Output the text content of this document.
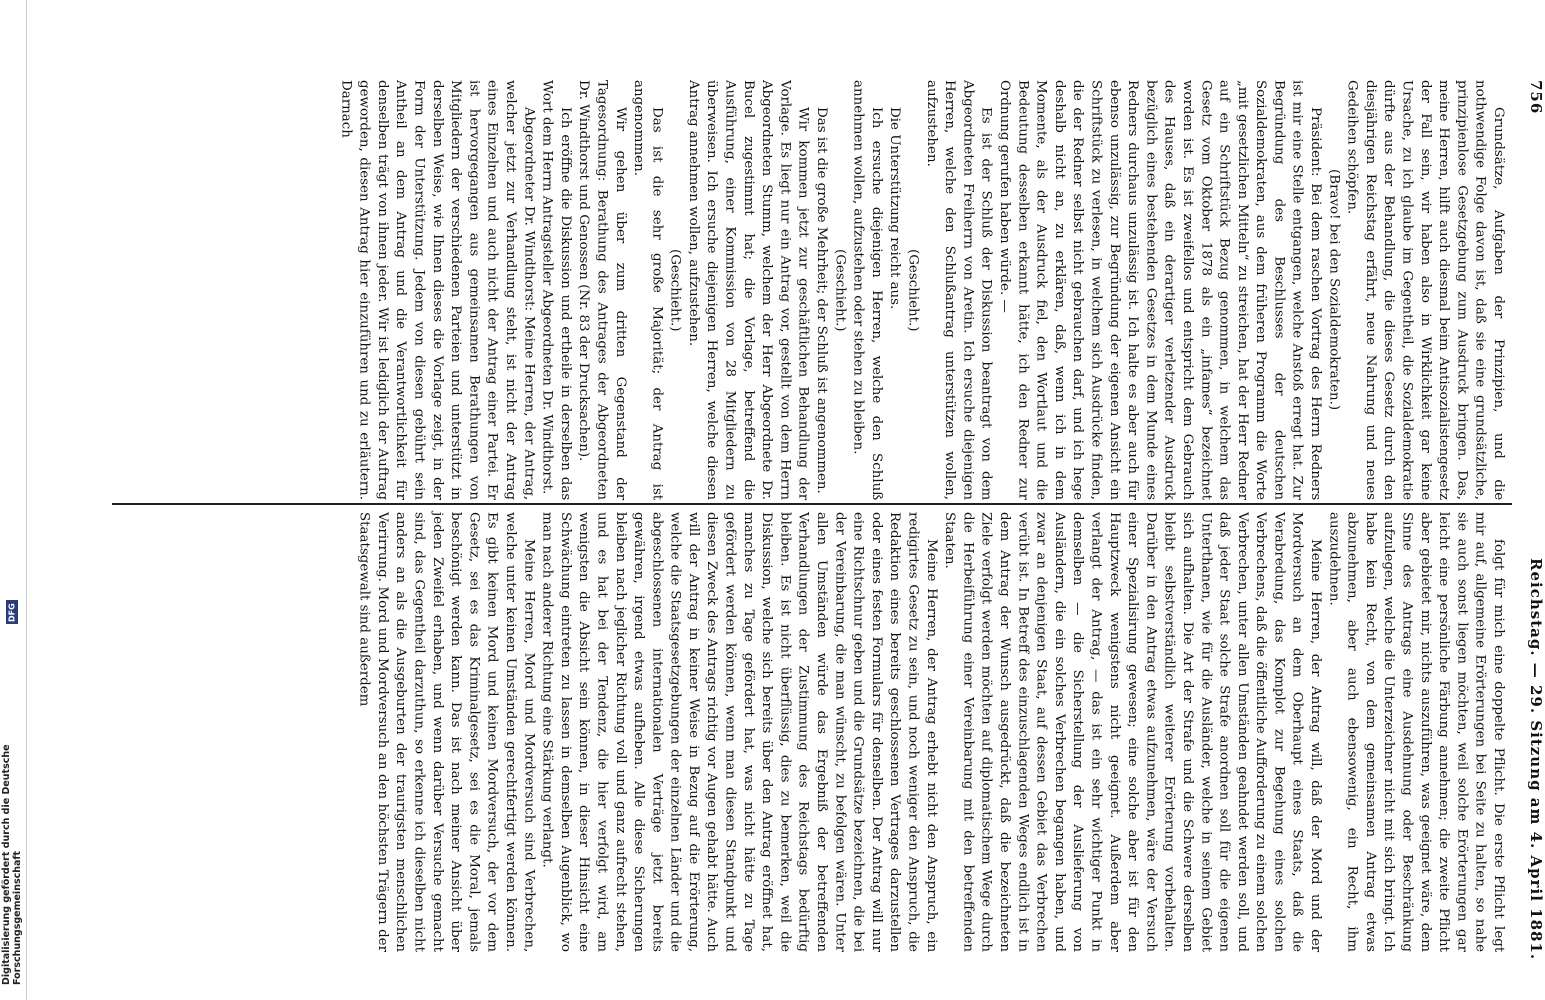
756
Reichstag. — 29. Sitzung am 4. April 1881.

Grundsätze, Aufgaben der Prinzipien, und die nothwendige Folge davon ist, daß sie eine grundsätzliche, prinzipienlose Gesetzgebung zum Ausdruck bringen. Das, meine Herren, hilft auch diesmal beim Antisozialistengesetz der Fall sein, wir haben also in Wirklichkeit gar keine Ursache, zu ich glaube im Gegentheil, die Sozialdemokratie dürfte aus der Behandlung, die dieses Gesetz durch den diesjährigen Reichstag erfährt, neue Nahrung und neues Gedeihen schöpfen.

(Bravo! bei den Sozialdemokraten.)

Präsident: Bei dem raschen Vortrag des Herrn Redners ist mir eine Stelle entgangen, welche Anstoß erregt hat. Zur Begründung des Beschlusses der deutschen Sozialdemokraten, aus dem früheren Programm die Worte „mit gesetzlichen Mitteln“ zu streichen, hat der Herr Redner auf ein Schriftstück Bezug genommen, in welchem das Gesetz vom Oktober 1878 als ein „infames“ bezeichnet worden ist. Es ist zweifellos und entspricht dem Gebrauch des Hauses, daß ein derartiger verletzender Ausdruck bezüglich eines bestehenden Gesetzes in dem Munde eines Redners durchaus unzulässig ist. Ich halte es aber auch für ebenso unzulässig, zur Begründung der eigenen Ansicht ein Schriftstück zu verlesen, in welchem sich Ausdrücke finden, die der Redner selbst nicht gebrauchen darf, und ich hege deshalb nicht an, zu erklären, daß, wenn ich in dem Momente, als der Ausdruck fiel, den Wortlaut und die Bedeutung desselben erkannt hätte, ich den Redner zur Ordnung gerufen haben würde. —

Es ist der Schluß der Diskussion beantragt von dem Abgeordneten Freiherrn von Aretin. Ich ersuche diejenigen Herren, welche den Schlußantrag unterstützen wollen, aufzustehen.

(Geschieht.)

Die Unterstützung reicht aus.

Ich ersuche diejenigen Herren, welche den Schluß annehmen wollen, aufzustehen oder stehen zu bleiben.

(Geschieht.)

Das ist die große Mehrheit; der Schluß ist angenommen.

Wir kommen jetzt zur geschäftlichen Behandlung der Vorlage. Es liegt nur ein Antrag vor, gestellt von dem Herrn Abgeordneten Stumm, welchem der Herr Abgeordnete Dr. Bucel zugestimmt hat; die Vorlage, betreffend die Ausführung, einer Kommission von 28 Mitgliedern zu überweisen. Ich ersuche diejenigen Herren, welche diesen Antrag annehmen wollen, aufzustehen.

(Geschieht.)

Das ist die sehr große Majorität; der Antrag ist angenommen.

Wir gehen über zum dritten Gegenstand der Tagesordnung: Berathung des Antrages der Abgeordneten Dr. Windthorst und Genossen (Nr. 83 der Drucksachen).

Ich eröffne die Diskussion und ertheile in derselben das Wort dem Herrn Antragsteller Abgeordneten Dr. Windthorst.

Abgeordneter Dr. Windthorst: Meine Herren, der Antrag, welcher jetzt zur Verhandlung steht, ist nicht der Antrag eines Einzelnen und auch nicht der Antrag einer Partei. Er ist hervorgegangen aus gemeinsamen Berathungen von Mitgliedern der verschiedenen Parteien und unterstützt in derselben Weise, wie Ihnen dieses die Vorlage zeigt, in der Form der Unterstützung. Jedem von diesen gebührt sein Antheil an dem Antrag und die Verantwortlichkeit für denselben trägt von ihnen jeder. Wir ist lediglich der Auftrag geworden, diesen Antrag hier einzuführen und zu erläutern. Darnach

folgt für mich eine doppelte Pflicht. Die erste Pflicht legt mir auf, allgemeine Erörterungen bei Seite zu halten, so nahe sie auch sonst liegen möchten, weil solche Erörterungen gar leicht eine persönliche Färbung annehmen; die zweite Pflicht aber gebietet mir, nichts auszuführen, was geeignet wäre, dem Sinne des Antrags eine Ausdehnung oder Beschränkung aufzulegen, welche die Unterzeichner nicht mit sich bringt. Ich habe kein Recht, von dem gemeinsamen Antrag etwas abzunehmen, aber auch ebensowenig, ein Recht, ihm auszudehnen.

Meine Herren, der Antrag will, daß der Mord und der Mordversuch an dem Oberhaupt eines Staats, daß die Verabredung, das Komplot zur Begehung eines solchen Verbrechens, daß die öffentliche Aufforderung zu einem solchen Verbrechen, unter allen Umständen geahndet werden soll, und daß jeder Staat solche Strafe anordnen soll für die eigenen Unterthanen, wie für die Ausländer, welche in seinem Gebiet sich aufhalten. Die Art der Strafe und die Schwere derselben bleibt selbstverständlich weiterer Erörterung vorbehalten. Darüber in den Antrag etwas aufzunehmen, wäre der Versuch einer Spezialisirung gewesen; eine solche aber ist für den Hauptzweck wenigstens nicht geeignet. Außerdem aber verlangt der Antrag, — das ist ein sehr wichtiger Punkt in demselben — die Sicherstellung der Auslieferung von Ausländern, die ein solches Verbrechen begangen haben, und zwar an denjenigen Staat, auf dessen Gebiet das Verbrechen verübt ist. In Betreff des einzuschlagenden Weges endlich ist in dem Antrag der Wunsch ausgedrückt, daß die bezeichneten Ziele verfolgt werden möchten auf diplomatischem Wege durch die Herbeiführung einer Vereinbarung mit den betreffenden Staaten.

Meine Herren, der Antrag erhebt nicht den Anspruch, ein redigirtes Gesetz zu sein, und noch weniger den Anspruch, die Redaktion eines bereits geschlossenen Vertrages darzustellen oder eines festen Formulars für denselben. Der Antrag will nur eine Richtschnur geben und die Grundsätze bezeichnen, die bei der Vereinbarung, die man wünscht, zu befolgen wären. Unter allen Umständen würde das Ergebniß der betreffenden Verhandlungen der Zustimmung des Reichstags bedürftig bleiben. Es ist nicht überflüssig, dies zu bemerken, weil die Diskussion, welche sich bereits über den Antrag eröffnet hat, manches zu Tage gefördert hat, was nicht hätte zu Tage gefördert werden können, wenn man diesen Standpunkt und diesen Zweck des Antrags richtig vor Augen gehabt hätte. Auch will der Antrag in keiner Weise in Bezug auf die Erörterung, welche die Staatsgesetzgebungen der einzelnen Länder und die abgeschlossenen internationalen Verträge jetzt bereits gewähren, irgend etwas aufheben. Alle diese Sicherungen bleiben nach jeglicher Richtung voll und ganz aufrecht stehen, und es hat bei der Tendenz, die hier verfolgt wird, am wenigsten die Absicht sein können, in dieser Hinsicht eine Schwächung eintreten zu lassen in demselben Augenblick, wo man nach anderer Richtung eine Stärkung verlangt.

Meine Herren, Mord und Mordversuch sind Verbrechen, welche unter keinen Umständen gerechtfertigt werden können. Es gibt keinen Mord und keinen Mordversuch, der vor dem Gesetz, sei es das Kriminalgesetz, sei es die Moral, jemals beschönigt werden kann. Das ist nach meiner Ansicht über jeden Zweifel erhaben, und wenn darüber Versuche gemacht sind, das Gegentheil darzuthun, so erkenne ich dieselben nicht anders an als die Ausgeburten der traurigsten menschlichen Verirrung. Mord und Mordversuch an den höchsten Trägern der Staatsgewalt sind außerdem

Digitalisierung gefördert durch die Deutsche Forschungsgemeinschaft
DFG
